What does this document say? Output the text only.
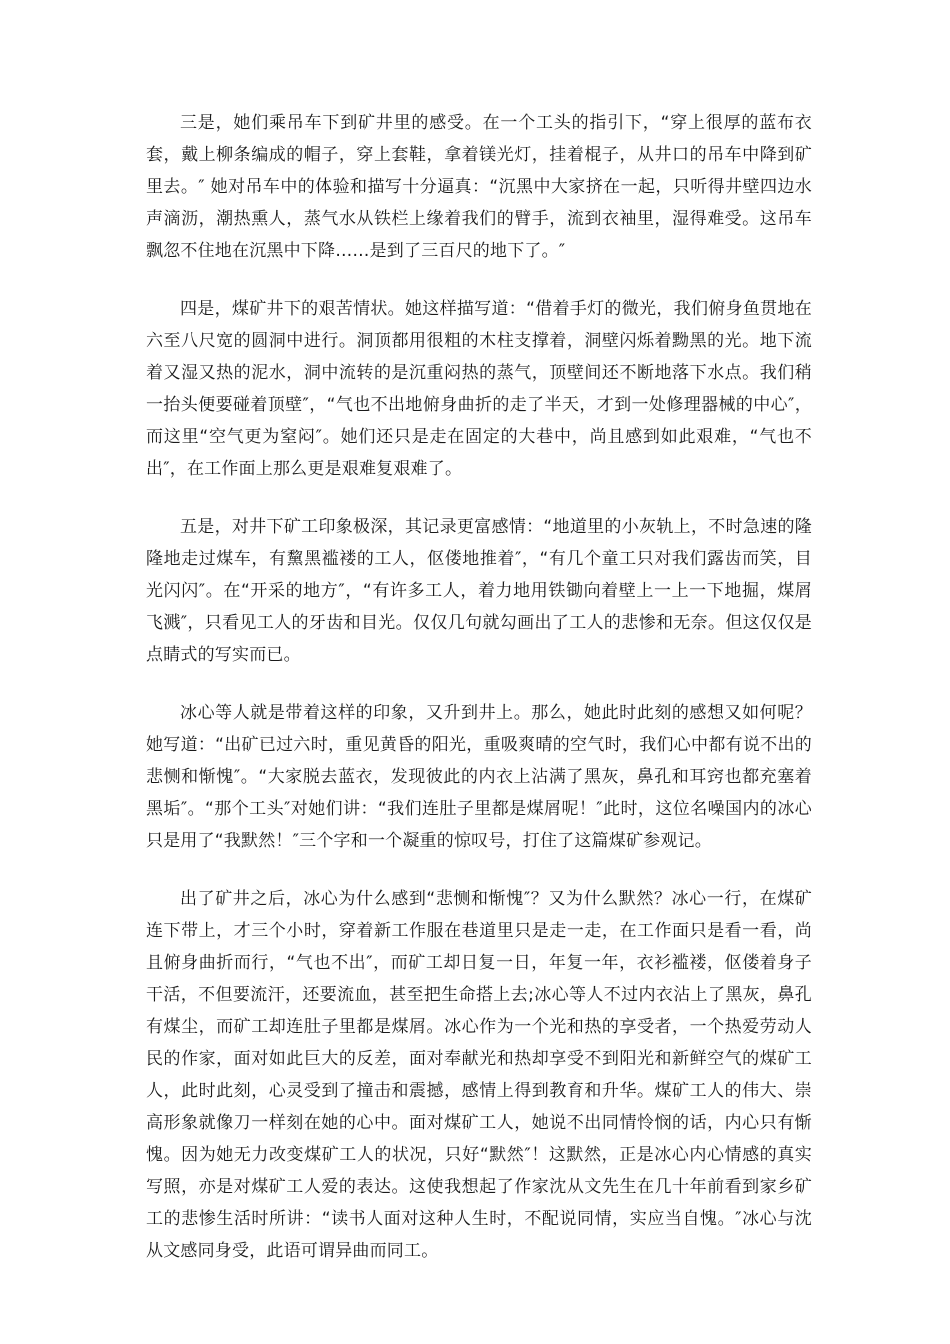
三是，她们乘吊车下到矿井里的感受。在一个工头的指引下，“穿上很厚的蓝布衣套，戴上柳条编成的帽子，穿上套鞋，拿着镁光灯，挂着棍子，从井口的吊车中降到矿里去。″ 她对吊车中的体验和描写十分逼真：“沉黑中大家挤在一起，只听得井壁四边水声滴沥，潮热熏人，蒸气水从铁栏上缘着我们的臂手，流到衣袖里，湿得难受。这吊车飘忽不住地在沉黑中下降……是到了三百尺的地下了。″

四是，煤矿井下的艰苦情状。她这样描写道：“借着手灯的微光，我们俯身鱼贯地在六至八尺宽的圆洞中进行。洞顶都用很粗的木柱支撑着，洞壁闪烁着黝黑的光。地下流着又湿又热的泥水，洞中流转的是沉重闷热的蒸气，顶壁间还不断地落下水点。我们稍一抬头便要碰着顶壁″，“气也不出地俯身曲折的走了半天，才到一处修理器械的中心″，而这里“空气更为窒闷″。她们还只是走在固定的大巷中，尚且感到如此艰难，“气也不出″，在工作面上那么更是艰难复艰难了。

五是，对井下矿工印象极深，其记录更富感情：“地道里的小灰轨上，不时急速的隆隆地走过煤车，有黧黑褴褛的工人，伛偻地推着″，“有几个童工只对我们露齿而笑，目光闪闪″。在“开采的地方″，“有许多工人，着力地用铁锄向着壁上一上一下地掘，煤屑飞溅″，只看见工人的牙齿和目光。仅仅几句就勾画出了工人的悲惨和无奈。但这仅仅是点睛式的写实而已。

冰心等人就是带着这样的印象，又升到井上。那么，她此时此刻的感想又如何呢？她写道：“出矿已过六时，重见黄昏的阳光，重吸爽晴的空气时，我们心中都有说不出的悲恻和惭愧″。“大家脱去蓝衣，发现彼此的内衣上沾满了黑灰，鼻孔和耳窍也都充塞着黑垢″。“那个工头″对她们讲：“我们连肚子里都是煤屑呢！″此时，这位名噪国内的冰心只是用了“我默然！″三个字和一个凝重的惊叹号，打住了这篇煤矿参观记。

出了矿井之后，冰心为什么感到“悲恻和惭愧″？又为什么默然？冰心一行，在煤矿连下带上，才三个小时，穿着新工作服在巷道里只是走一走，在工作面只是看一看，尚且俯身曲折而行，“气也不出″，而矿工却日复一日，年复一年，衣衫褴褛，伛偻着身子干活，不但要流汗，还要流血，甚至把生命搭上去;冰心等人不过内衣沾上了黑灰，鼻孔有煤尘，而矿工却连肚子里都是煤屑。冰心作为一个光和热的享受者，一个热爱劳动人民的作家，面对如此巨大的反差，面对奉献光和热却享受不到阳光和新鲜空气的煤矿工人，此时此刻，心灵受到了撞击和震撼，感情上得到教育和升华。煤矿工人的伟大、崇高形象就像刀一样刻在她的心中。面对煤矿工人，她说不出同情怜悯的话，内心只有惭愧。因为她无力改变煤矿工人的状况，只好“默然″！这默然，正是冰心内心情感的真实写照，亦是对煤矿工人爱的表达。这使我想起了作家沈从文先生在几十年前看到家乡矿工的悲惨生活时所讲：“读书人面对这种人生时，不配说同情，实应当自愧。″冰心与沈从文感同身受，此语可谓异曲而同工。
